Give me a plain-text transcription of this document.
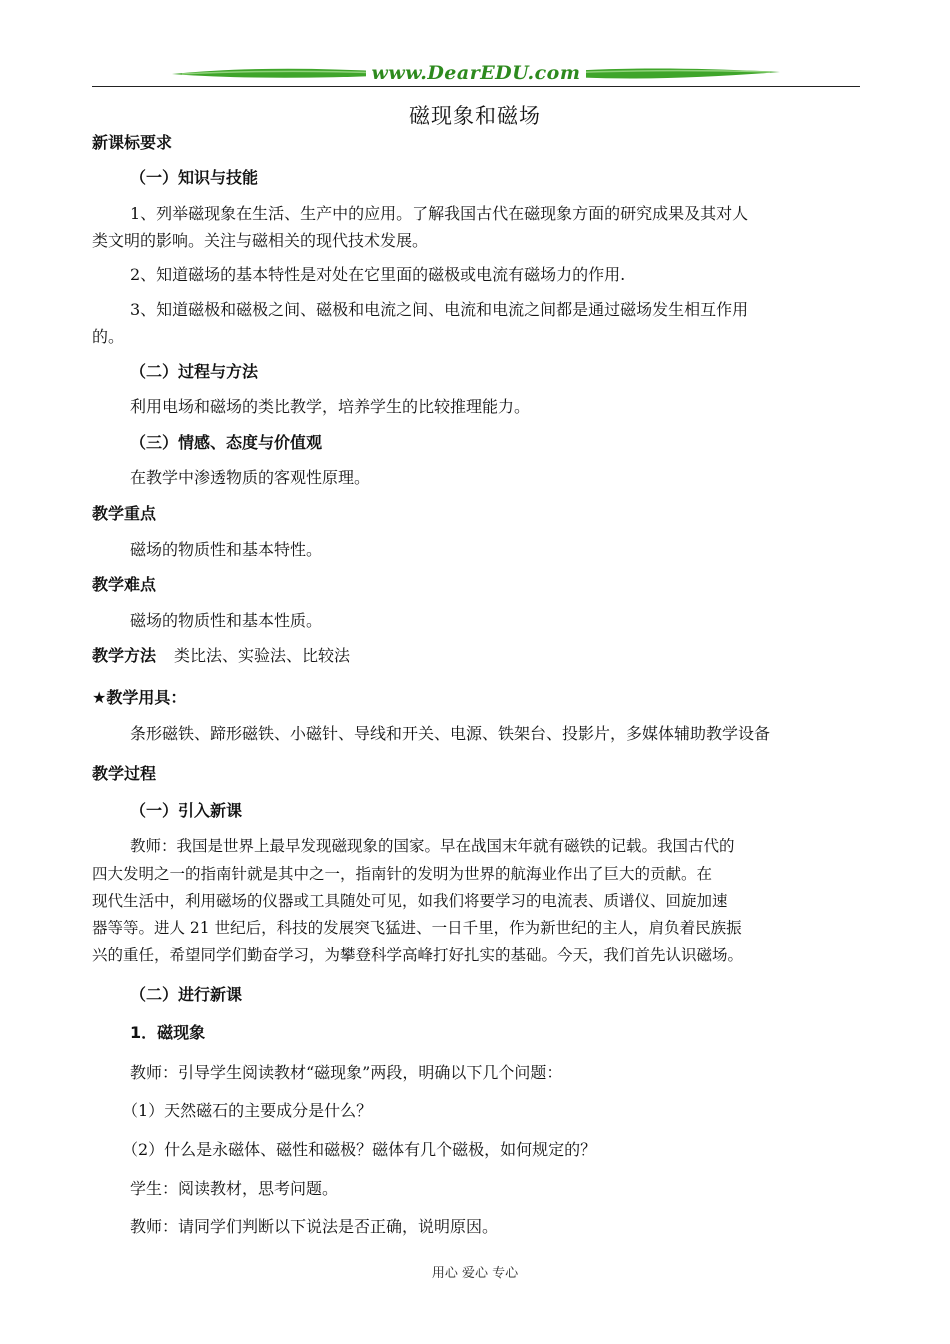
www.DearEDU.com
磁现象和磁场
新课标要求
（一）知识与技能
1、列举磁现象在生活、生产中的应用。了解我国古代在磁现象方面的研究成果及其对人
类文明的影响。关注与磁相关的现代技术发展。
2、知道磁场的基本特性是对处在它里面的磁极或电流有磁场力的作用.
3、知道磁极和磁极之间、磁极和电流之间、电流和电流之间都是通过磁场发生相互作用
的。
（二）过程与方法
利用电场和磁场的类比教学，培养学生的比较推理能力。
（三）情感、态度与价值观
在教学中渗透物质的客观性原理。
教学重点
磁场的物质性和基本特性。
教学难点
磁场的物质性和基本性质。
教学方法 类比法、实验法、比较法
★教学用具：
条形磁铁、蹄形磁铁、小磁针、导线和开关、电源、铁架台、投影片，多媒体辅助教学设备
教学过程
（一）引入新课
教师：我国是世界上最早发现磁现象的国家。早在战国末年就有磁铁的记载。我国古代的
四大发明之一的指南针就是其中之一，指南针的发明为世界的航海业作出了巨大的贡献。在
现代生活中，利用磁场的仪器或工具随处可见，如我们将要学习的电流表、质谱仪、回旋加速
器等等。进人 21 世纪后，科技的发展突飞猛进、一日千里，作为新世纪的主人，肩负着民族振
兴的重任，希望同学们勤奋学习，为攀登科学高峰打好扎实的基础。今天，我们首先认识磁场。
（二）进行新课
1．磁现象
教师：引导学生阅读教材“磁现象”两段，明确以下几个问题：
（1）天然磁石的主要成分是什么？
（2）什么是永磁体、磁性和磁极？磁体有几个磁极，如何规定的？
学生：阅读教材，思考问题。
教师：请同学们判断以下说法是否正确，说明原因。
用心 爱心 专心
